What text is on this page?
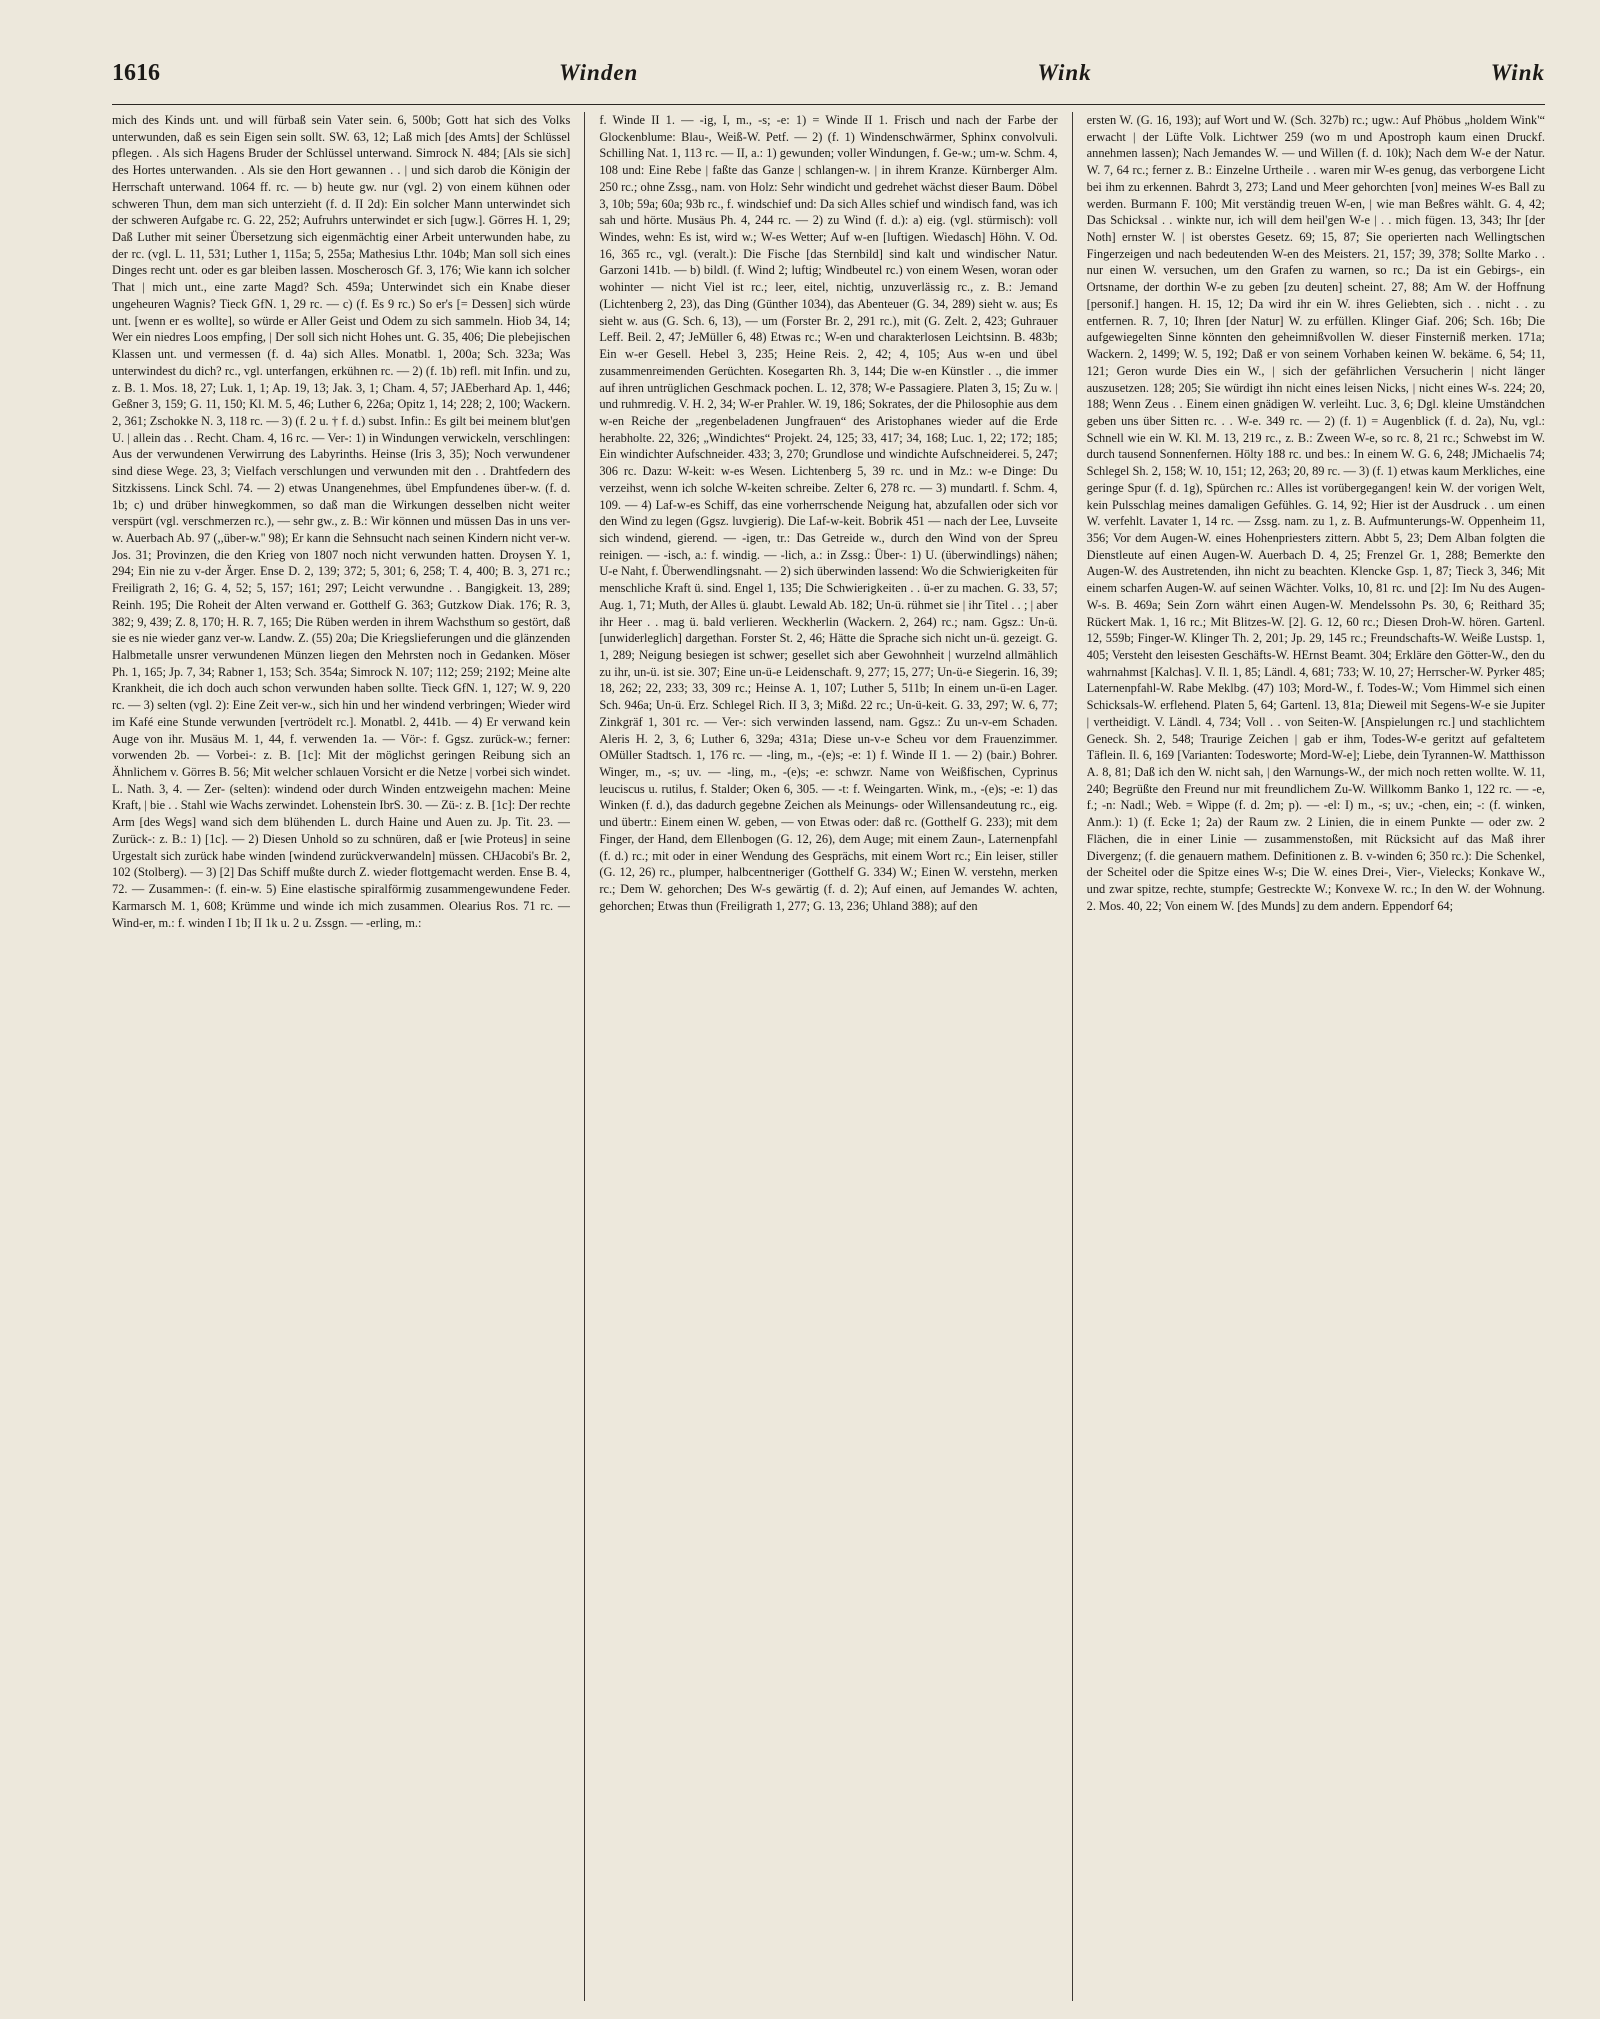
1616	Winden	Wink	Wink

mich des Kinds unt. und will fürbaß sein Vater sein. 6, 500b; Gott hat sich des Volks unterwunden, daß es sein Eigen sein sollt. SW. 63, 12; Laß mich [des Amts] der Schlüssel pflegen. . Als sich Hagens Bruder der Schlüssel unterwand. Simrock N. 484; [Als sie sich] des Hortes unterwanden. . Als sie den Hort gewannen . . | und sich darob die Königin der Herrschaft unterwand. 1064 ff. rc. — b) heute gw. nur (vgl. 2) von einem kühnen oder schweren Thun, dem man sich unterzieht (f. d. II 2d): Ein solcher Mann unterwindet sich der schweren Aufgabe rc. G. 22, 252; Aufruhrs unterwindet er sich [ugw.]. Görres H. 1, 29; Daß Luther mit seiner Übersetzung sich eigenmächtig einer Arbeit unterwunden habe, zu der rc. (vgl. L. 11, 531; Luther 1, 115a; 5, 255a; Mathesius Lthr. 104b; Man soll sich eines Dinges recht unt. oder es gar bleiben lassen. Moscherosch Gf. 3, 176; Wie kann ich solcher That | mich unt., eine zarte Magd? Sch. 459a; Unterwindet sich ein Knabe dieser ungeheuren Wagnis? Tieck GfN. 1, 29 rc. — c) (f. Es 9 rc.) So er's [= Dessen] sich würde unt. [wenn er es wollte], so würde er Aller Geist und Odem zu sich sammeln. Hiob 34, 14; Wer ein niedres Loos empfing, | Der soll sich nicht Hohes unt. G. 35, 406; Die plebejischen Klassen unt. und vermessen (f. d. 4a) sich Alles. Monatbl. 1, 200a; Sch. 323a; Was unterwindest du dich? rc., vgl. unterfangen, erkühnen rc. — 2) (f. 1b) refl. mit Infin. und zu, z. B. 1. Mos. 18, 27; Luk. 1, 1; Ap. 19, 13; Jak. 3, 1; Cham. 4, 57; JAEberhard Ap. 1, 446; Geßner 3, 159; G. 11, 150; Kl. M. 5, 46; Luther 6, 226a; Opitz 1, 14; 228; 2, 100; Wackern. 2, 361; Zschokke N. 3, 118 rc. — 3) (f. 2 u. † f. d.) subst. Infin.: Es gilt bei meinem blut'gen U. | allein das . . Recht. Cham. 4, 16 rc. — Ver-: 1) in Windungen verwickeln, verschlingen: Aus der verwundenen Verwirrung des Labyrinths. Heinse (Iris 3, 35); Noch verwundener sind diese Wege. 23, 3; Vielfach verschlungen und verwunden mit den . . Drahtfedern des Sitzkissens. Linck Schl. 74. — 2) etwas Unangenehmes, übel Empfundenes über-w. (f. d. 1b; c) und drüber hinwegkommen, so daß man die Wirkungen desselben nicht weiter verspürt (vgl. verschmerzen rc.), — sehr gw., z. B.: Wir können und müssen Das in uns ver-w. Auerbach Ab. 97 (,,über-w.'' 98); Er kann die Sehnsucht nach seinen Kindern nicht ver-w. Jos. 31; Provinzen, die den Krieg von 1807 noch nicht verwunden hatten. Droysen Y. 1, 294; Ein nie zu v-der Ärger. Ense D. 2, 139; 372; 5, 301; 6, 258; T. 4, 400; B. 3, 271 rc.; Freiligrath 2, 16; G. 4, 52; 5, 157; 161; 297; Leicht verwundne . . Bangigkeit. 13, 289; Reinh. 195; Die Roheit der Alten verwand er. Gotthelf G. 363; Gutzkow Diak. 176; R. 3, 382; 9, 439; Z. 8, 170; H. R. 7, 165; Die Rüben werden in ihrem Wachsthum so gestört, daß sie es nie wieder ganz ver-w. Landw. Z. (55) 20a; Die Kriegslieferungen und die glänzenden Halbmetalle unsrer verwundenen Münzen liegen den Mehrsten noch in Gedanken. Möser Ph. 1, 165; Jp. 7, 34; Rabner 1, 153; Sch. 354a; Simrock N. 107; 112; 259; 2192; Meine alte Krankheit, die ich doch auch schon verwunden haben sollte. Tieck GfN. 1, 127; W. 9, 220 rc. — 3) selten (vgl. 2): Eine Zeit ver-w., sich hin und her windend verbringen; Wieder wird im Kafé eine Stunde verwunden [vertrödelt rc.]. Monatbl. 2, 441b. — 4) Er verwand kein Auge von ihr. Musäus M. 1, 44, f. verwenden 1a. — Vör-: f. Ggsz. zurück-w.; ferner: vorwenden 2b. — Vorbei-: z. B. [1c]: Mit der möglichst geringen Reibung sich an Ähnlichem v. Görres B. 56; Mit welcher schlauen Vorsicht er die Netze | vorbei sich windet. L. Nath. 3, 4. — Zer- (selten): windend oder durch Winden entzweigehn machen: Meine Kraft, | bie . . Stahl wie Wachs zerwindet. Lohenstein IbrS. 30. — Zü-: z. B. [1c]: Der rechte Arm [des Wegs] wand sich dem blühenden L. durch Haine und Auen zu. Jp. Tit. 23. — Zurück-: z. B.: 1) [1c]. — 2) Diesen Unhold so zu schnüren, daß er [wie Proteus] in seine Urgestalt sich zurück habe winden [windend zurückverwandeln] müssen. CHJacobi's Br. 2, 102 (Stolberg). — 3) [2] Das Schiff mußte durch Z. wieder flottgemacht werden. Ense B. 4, 72. — Zusammen-: (f. ein-w. 5) Eine elastische spiralförmig zusammengewundene Feder. Karmarsch M. 1, 608; Krümme und winde ich mich zusammen. Olearius Ros. 71 rc. — Wind-er, m.: f. winden I 1b; II 1k u. 2 u. Zssgn. — -erling, m.:

f. Winde II 1. — -ig, I, m., -s; -e: 1) = Winde II 1. Frisch und nach der Farbe der Glockenblume: Blau-, Weiß-W. Petf. — 2) (f. 1) Windenschwärmer, Sphinx convolvuli. Schilling Nat. 1, 113 rc. — II, a.: 1) gewunden; voller Windungen, f. Ge-w.; um-w. Schm. 4, 108 und: Eine Rebe | faßte das Ganze | schlangen-w. | in ihrem Kranze. Kürnberger Alm. 250 rc.; ohne Zssg., nam. von Holz: Sehr windicht und gedrehet wächst dieser Baum. Döbel 3, 10b; 59a; 60a; 93b rc., f. windschief und: Da sich Alles schief und windisch fand, was ich sah und hörte. Musäus Ph. 4, 244 rc. — 2) zu Wind (f. d.): a) eig. (vgl. stürmisch): voll Windes, wehn: Es ist, wird w.; W-es Wetter; Auf w-en [luftigen. Wiedasch] Höhn. V. Od. 16, 365 rc., vgl. (veralt.): Die Fische [das Sternbild] sind kalt und windischer Natur. Garzoni 141b. — b) bildl. (f. Wind 2; luftig; Windbeutel rc.) von einem Wesen, woran oder wohinter — nicht Viel ist rc.; leer, eitel, nichtig, unzuverlässig rc., z. B.: Jemand (Lichtenberg 2, 23), das Ding (Günther 1034), das Abenteuer (G. 34, 289) sieht w. aus; Es sieht w. aus (G. Sch. 6, 13), — um (Forster Br. 2, 291 rc.), mit (G. Zelt. 2, 423; Guhrauer Leff. Beil. 2, 47; JeMüller 6, 48) Etwas rc.; W-en und charakterlosen Leichtsinn. B. 483b; Ein w-er Gesell. Hebel 3, 235; Heine Reis. 2, 42; 4, 105; Aus w-en und übel zusammenreimenden Gerüchten. Kosegarten Rh. 3, 144; Die w-en Künstler . ., die immer auf ihren untrüglichen Geschmack pochen. L. 12, 378; W-e Passagiere. Platen 3, 15; Zu w. | und ruhmredig. V. H. 2, 34; W-er Prahler. W. 19, 186; Sokrates, der die Philosophie aus dem w-en Reiche der „regenbeladenen Jungfrauen“ des Aristophanes wieder auf die Erde herabholte. 22, 326; „Windichtes“ Projekt. 24, 125; 33, 417; 34, 168; Luc. 1, 22; 172; 185; Ein windichter Aufschneider. 433; 3, 270; Grundlose und windichte Aufschneiderei. 5, 247; 306 rc. Dazu: W-keit: w-es Wesen. Lichtenberg 5, 39 rc. und in Mz.: w-e Dinge: Du verzeihst, wenn ich solche W-keiten schreibe. Zelter 6, 278 rc. — 3) mundartl. f. Schm. 4, 109. — 4) Laf-w-es Schiff, das eine vorherrschende Neigung hat, abzufallen oder sich vor den Wind zu legen (Ggsz. luvgierig). Die Laf-w-keit. Bobrik 451 — nach der Lee, Luvseite sich windend, gierend. — -igen, tr.: Das Getreide w., durch den Wind von der Spreu reinigen. — -isch, a.: f. windig. — -lich, a.: in Zssg.: Über-: 1) U. (überwindlings) nähen; U-e Naht, f. Überwendlingsnaht. — 2) sich überwinden lassend: Wo die Schwierigkeiten für menschliche Kraft ü. sind. Engel 1, 135; Die Schwierigkeiten . . ü-er zu machen. G. 33, 57; Aug. 1, 71; Muth, der Alles ü. glaubt. Lewald Ab. 182; Un-ü. rühmet sie | ihr Titel . . ; | aber ihr Heer . . mag ü. bald verlieren. Weckherlin (Wackern. 2, 264) rc.; nam. Ggsz.: Un-ü. [unwiderleglich] dargethan. Forster St. 2, 46; Hätte die Sprache sich nicht un-ü. gezeigt. G. 1, 289; Neigung besiegen ist schwer; gesellet sich aber Gewohnheit | wurzelnd allmählich zu ihr, un-ü. ist sie. 307; Eine un-ü-e Leidenschaft. 9, 277; 15, 277; Un-ü-e Siegerin. 16, 39; 18, 262; 22, 233; 33, 309 rc.; Heinse A. 1, 107; Luther 5, 511b; In einem un-ü-en Lager. Sch. 946a; Un-ü. Erz. Schlegel Rich. II 3, 3; Mißd. 22 rc.; Un-ü-keit. G. 33, 297; W. 6, 77; Zinkgräf 1, 301 rc. — Ver-: sich verwinden lassend, nam. Ggsz.: Zu un-v-em Schaden. Aleris H. 2, 3, 6; Luther 6, 329a; 431a; Diese un-v-e Scheu vor dem Frauenzimmer. OMüller Stadtsch. 1, 176 rc. — -ling, m., -(e)s; -e: 1) f. Winde II 1. — 2) (bair.) Bohrer. Winger, m., -s; uv. — -ling, m., -(e)s; -e: schwzr. Name von Weißfischen, Cyprinus leuciscus u. rutilus, f. Stalder; Oken 6, 305. — -t: f. Weingarten. Wink, m., -(e)s; -e: 1) das Winken (f. d.), das dadurch gegebne Zeichen als Meinungs- oder Willensandeutung rc., eig. und übertr.: Einem einen W. geben, — von Etwas oder: daß rc. (Gotthelf G. 233); mit dem Finger, der Hand, dem Ellenbogen (G. 12, 26), dem Auge; mit einem Zaun-, Laternenpfahl (f. d.) rc.; mit oder in einer Wendung des Gesprächs, mit einem Wort rc.; Ein leiser, stiller (G. 12, 26) rc., plumper, halbcentneriger (Gotthelf G. 334) W.; Einen W. verstehn, merken rc.; Dem W. gehorchen; Des W-s gewärtig (f. d. 2); Auf einen, auf Jemandes W. achten, gehorchen; Etwas thun (Freiligrath 1, 277; G. 13, 236; Uhland 388); auf den

ersten W. (G. 16, 193); auf Wort und W. (Sch. 327b) rc.; ugw.: Auf Phöbus „holdem Wink'“ erwacht | der Lüfte Volk. Lichtwer 259 (wo m und Apostroph kaum einen Druckf. annehmen lassen); Nach Jemandes W. — und Willen (f. d. 10k); Nach dem W-e der Natur. W. 7, 64 rc.; ferner z. B.: Einzelne Urtheile . . waren mir W-es genug, das verborgene Licht bei ihm zu erkennen. Bahrdt 3, 273; Land und Meer gehorchten [von] meines W-es Ball zu werden. Burmann F. 100; Mit verständig treuen W-en, | wie man Beßres wählt. G. 4, 42; Das Schicksal . . winkte nur, ich will dem heil'gen W-e | . . mich fügen. 13, 343; Ihr [der Noth] ernster W. | ist oberstes Gesetz. 69; 15, 87; Sie operierten nach Wellingtschen Fingerzeigen und nach bedeutenden W-en des Meisters. 21, 157; 39, 378; Sollte Marko . . nur einen W. versuchen, um den Grafen zu warnen, so rc.; Da ist ein Gebirgs-, ein Ortsname, der dorthin W-e zu geben [zu deuten] scheint. 27, 88; Am W. der Hoffnung [personif.] hangen. H. 15, 12; Da wird ihr ein W. ihres Geliebten, sich . . nicht . . zu entfernen. R. 7, 10; Ihren [der Natur] W. zu erfüllen. Klinger Giaf. 206; Sch. 16b; Die aufgewiegelten Sinne könnten den geheimnißvollen W. dieser Finsterniß merken. 171a; Wackern. 2, 1499; W. 5, 192; Daß er von seinem Vorhaben keinen W. bekäme. 6, 54; 11, 121; Geron wurde Dies ein W., | sich der gefährlichen Versucherin | nicht länger auszusetzen. 128; 205; Sie würdigt ihn nicht eines leisen Nicks, | nicht eines W-s. 224; 20, 188; Wenn Zeus . . Einem einen gnädigen W. verleiht. Luc. 3, 6; Dgl. kleine Umständchen geben uns über Sitten rc. . . W-e. 349 rc. — 2) (f. 1) = Augenblick (f. d. 2a), Nu, vgl.: Schnell wie ein W. Kl. M. 13, 219 rc., z. B.: Zween W-e, so rc. 8, 21 rc.; Schwebst im W. durch tausend Sonnenfernen. Hölty 188 rc. und bes.: In einem W. G. 6, 248; JMichaelis 74; Schlegel Sh. 2, 158; W. 10, 151; 12, 263; 20, 89 rc. — 3) (f. 1) etwas kaum Merkliches, eine geringe Spur (f. d. 1g), Spürchen rc.: Alles ist vorübergegangen! kein W. der vorigen Welt, kein Pulsschlag meines damaligen Gefühles. G. 14, 92; Hier ist der Ausdruck . . um einen W. verfehlt. Lavater 1, 14 rc. — Zssg. nam. zu 1, z. B. Aufmunterungs-W. Oppenheim 11, 356; Vor dem Augen-W. eines Hohenpriesters zittern. Abbt 5, 23; Dem Alban folgten die Dienstleute auf einen Augen-W. Auerbach D. 4, 25; Frenzel Gr. 1, 288; Bemerkte den Augen-W. des Austretenden, ihn nicht zu beachten. Klencke Gsp. 1, 87; Tieck 3, 346; Mit einem scharfen Augen-W. auf seinen Wächter. Volks, 10, 81 rc. und [2]: Im Nu des Augen-W-s. B. 469a; Sein Zorn währt einen Augen-W. Mendelssohn Ps. 30, 6; Reithard 35; Rückert Mak. 1, 16 rc.; Mit Blitzes-W. [2]. G. 12, 60 rc.; Diesen Droh-W. hören. Gartenl. 12, 559b; Finger-W. Klinger Th. 2, 201; Jp. 29, 145 rc.; Freundschafts-W. Weiße Lustsp. 1, 405; Versteht den leisesten Geschäfts-W. HErnst Beamt. 304; Erkläre den Götter-W., den du wahrnahmst [Kalchas]. V. Il. 1, 85; Ländl. 4, 681; 733; W. 10, 27; Herrscher-W. Pyrker 485; Laternenpfahl-W. Rabe Meklbg. (47) 103; Mord-W., f. Todes-W.; Vom Himmel sich einen Schicksals-W. erflehend. Platen 5, 64; Gartenl. 13, 81a; Dieweil mit Segens-W-e sie Jupiter | vertheidigt. V. Ländl. 4, 734; Voll . . von Seiten-W. [Anspielungen rc.] und stachlichtem Geneck. Sh. 2, 548; Traurige Zeichen | gab er ihm, Todes-W-e geritzt auf gefaltetem Täflein. Il. 6, 169 [Varianten: Todesworte; Mord-W-e]; Liebe, dein Tyrannen-W. Matthisson A. 8, 81; Daß ich den W. nicht sah, | den Warnungs-W., der mich noch retten wollte. W. 11, 240; Begrüßte den Freund nur mit freundlichem Zu-W. Willkomm Banko 1, 122 rc. — -e, f.; -n: Nadl.; Web. = Wippe (f. d. 2m; p). — -el: I) m., -s; uv.; -chen, ein; -: (f. winken, Anm.): 1) (f. Ecke 1; 2a) der Raum zw. 2 Linien, die in einem Punkte — oder zw. 2 Flächen, die in einer Linie — zusammenstoßen, mit Rücksicht auf das Maß ihrer Divergenz; (f. die genauern mathem. Definitionen z. B. v-winden 6; 350 rc.): Die Schenkel, der Scheitel oder die Spitze eines W-s; Die W. eines Drei-, Vier-, Vielecks; Konkave W., und zwar spitze, rechte, stumpfe; Gestreckte W.; Konvexe W. rc.; In den W. der Wohnung. 2. Mos. 40, 22; Von einem W. [des Munds] zu dem andern. Eppendorf 64;
